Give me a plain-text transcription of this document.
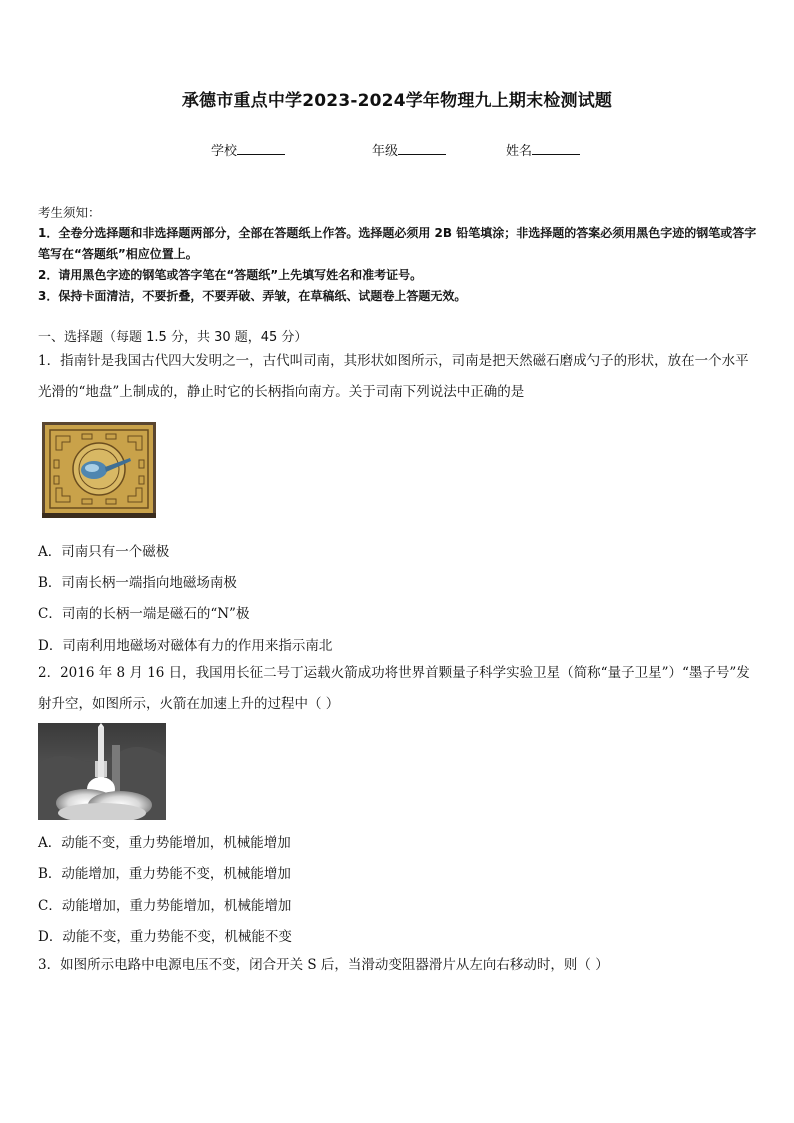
承德市重点中学2023-2024学年物理九上期末检测试题
学校	年级	姓名
考生须知：
1．全卷分选择题和非选择题两部分，全部在答题纸上作答。选择题必须用 2B 铅笔填涂；非选择题的答案必须用黑色字迹的钢笔或答字笔写在“答题纸”相应位置上。
2．请用黑色字迹的钢笔或答字笔在“答题纸”上先填写姓名和准考证号。
3．保持卡面清洁，不要折叠，不要弄破、弄皱，在草稿纸、试题卷上答题无效。
一、选择题（每题 1.5 分，共 30 题，45 分）
1．指南针是我国古代四大发明之一，古代叫司南，其形状如图所示，司南是把天然磁石磨成勺子的形状，放在一个水平光滑的“地盘”上制成的，静止时它的长柄指向南方。关于司南下列说法中正确的是
A．司南只有一个磁极
B．司南长柄一端指向地磁场南极
C．司南的长柄一端是磁石的“N”极
D．司南利用地磁场对磁体有力的作用来指示南北
2．2016 年 8 月 16 日，我国用长征二号丁运载火箭成功将世界首颗量子科学实验卫星（简称“量子卫星”）“墨子号”发射升空，如图所示，火箭在加速上升的过程中（ ）
A．动能不变，重力势能增加，机械能增加
B．动能增加，重力势能不变，机械能增加
C．动能增加，重力势能增加，机械能增加
D．动能不变，重力势能不变，机械能不变
3．如图所示电路中电源电压不变，闭合开关 S 后，当滑动变阻器滑片从左向右移动时，则（ ）
